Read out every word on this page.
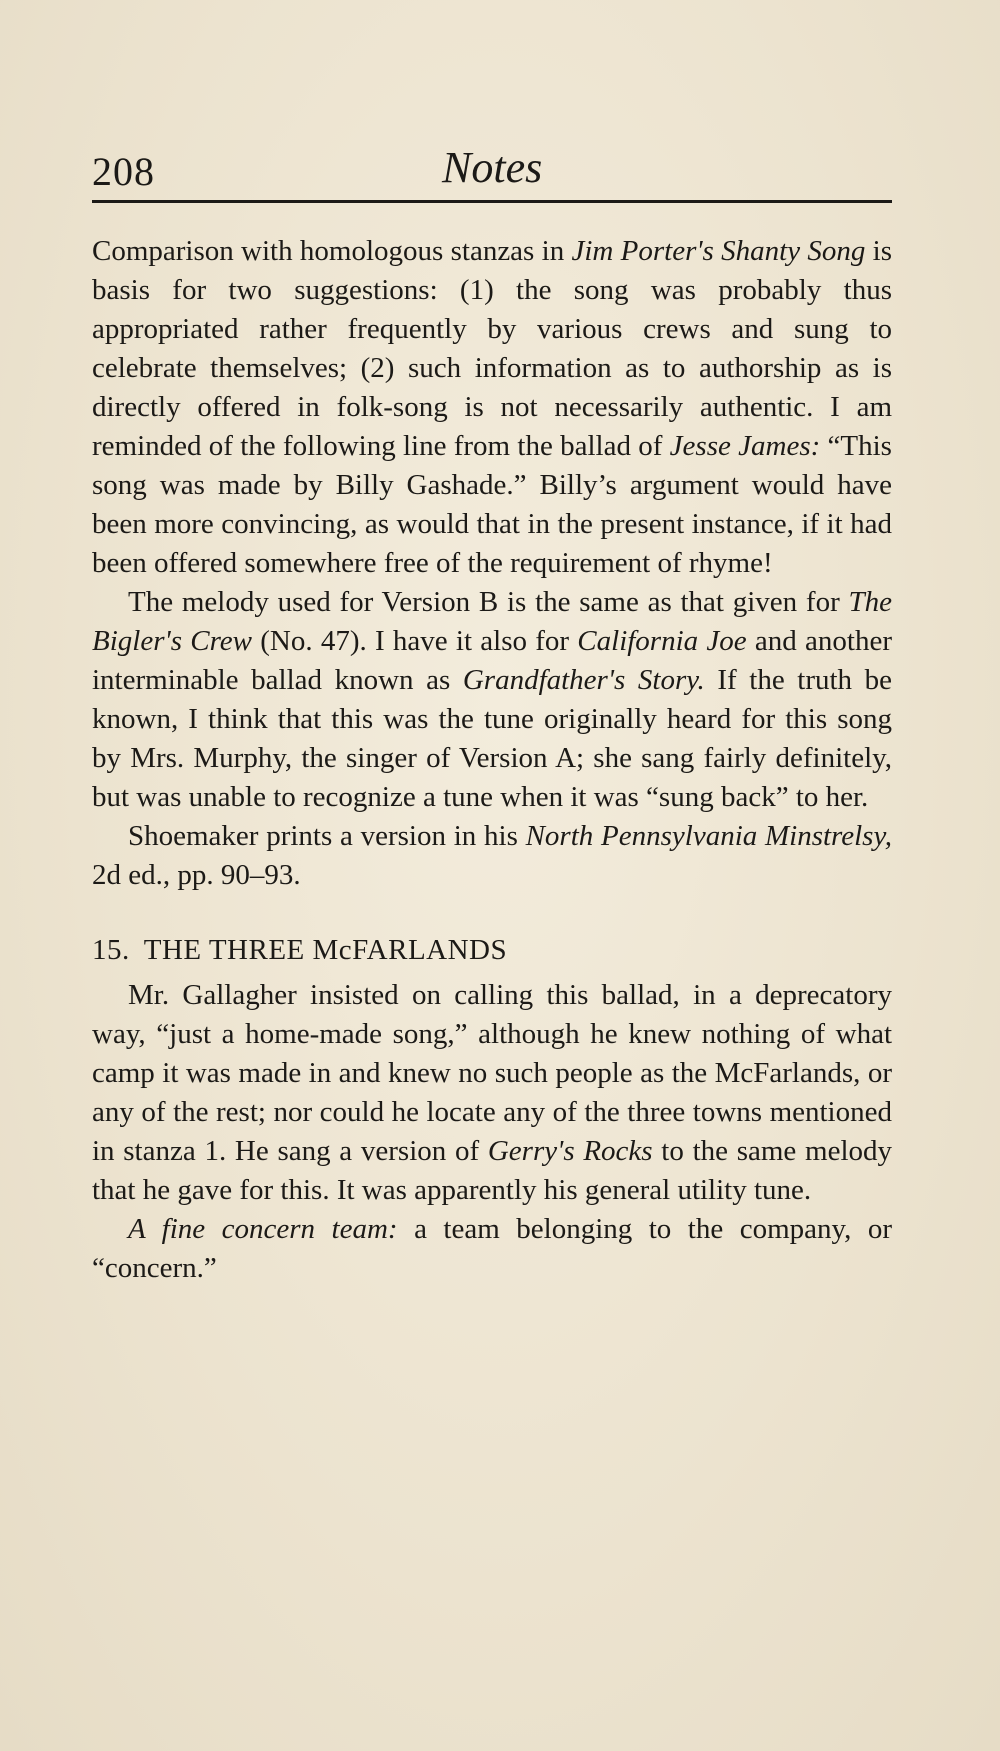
208	Notes

Comparison with homologous stanzas in Jim Porter's Shanty Song is basis for two suggestions: (1) the song was probably thus appropriated rather frequently by various crews and sung to celebrate themselves; (2) such information as to authorship as is directly offered in folk-song is not necessarily authentic. I am reminded of the following line from the ballad of Jesse James: “This song was made by Billy Gashade.” Billy’s argument would have been more convincing, as would that in the present instance, if it had been offered somewhere free of the requirement of rhyme!

The melody used for Version B is the same as that given for The Bigler's Crew (No. 47). I have it also for California Joe and another interminable ballad known as Grandfather's Story. If the truth be known, I think that this was the tune originally heard for this song by Mrs. Murphy, the singer of Version A; she sang fairly definitely, but was unable to recognize a tune when it was “sung back” to her.

Shoemaker prints a version in his North Pennsylvania Minstrelsy, 2d ed., pp. 90–93.

15. THE THREE McFARLANDS

Mr. Gallagher insisted on calling this ballad, in a deprecatory way, “just a home-made song,” although he knew nothing of what camp it was made in and knew no such people as the McFarlands, or any of the rest; nor could he locate any of the three towns mentioned in stanza 1. He sang a version of Gerry's Rocks to the same melody that he gave for this. It was apparently his general utility tune.

A fine concern team: a team belonging to the company, or “concern.”
